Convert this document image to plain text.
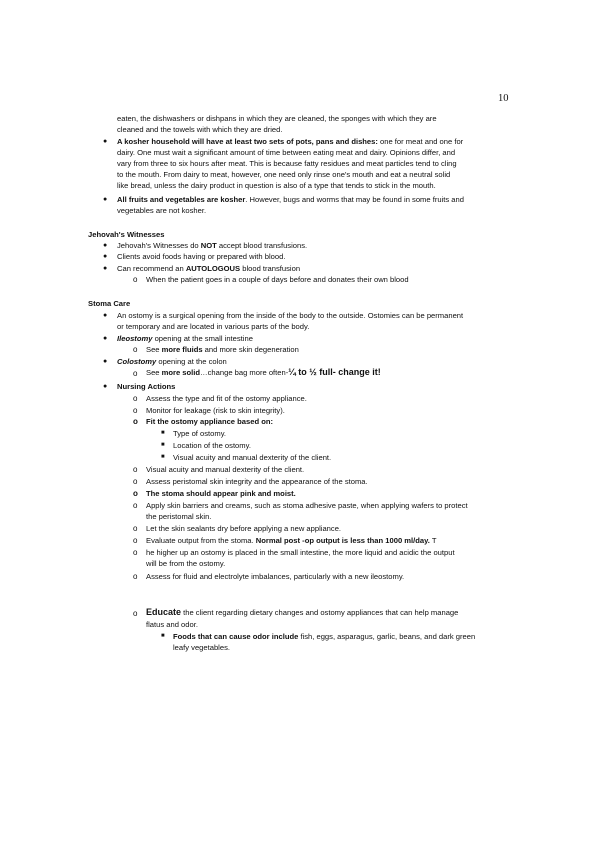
10
eaten, the dishwashers or dishpans in which they are cleaned, the sponges with which they are
cleaned and the towels with which they are dried.
● A kosher household will have at least two sets of pots, pans and dishes: one for meat and one for
dairy. One must wait a significant amount of time between eating meat and dairy. Opinions differ, and
vary from three to six hours after meat. This is because fatty residues and meat particles tend to cling
to the mouth. From dairy to meat, however, one need only rinse one's mouth and eat a neutral solid
like bread, unless the dairy product in question is also of a type that tends to stick in the mouth.
● All fruits and vegetables are kosher. However, bugs and worms that may be found in some fruits and
vegetables are not kosher.
Jehovah's Witnesses
● Jehovah's Witnesses do NOT accept blood transfusions.
● Clients avoid foods having or prepared with blood.
● Can recommend an AUTOLOGOUS blood transfusion
o When the patient goes in a couple of days before and donates their own blood
Stoma Care
● An ostomy is a surgical opening from the inside of the body to the outside. Ostomies can be permanent
or temporary and are located in various parts of the body.
● Ileostomy opening at the small intestine
o See more fluids and more skin degeneration
● Colostomy opening at the colon
o See more solid…change bag more often-¼ to ½ full- change it!
● Nursing Actions
o Assess the type and fit of the ostomy appliance.
o Monitor for leakage (risk to skin integrity).
o Fit the ostomy appliance based on:
■ Type of ostomy.
■ Location of the ostomy.
■ Visual acuity and manual dexterity of the client.
o Visual acuity and manual dexterity of the client.
o Assess peristomal skin integrity and the appearance of the stoma.
o The stoma should appear pink and moist.
o Apply skin barriers and creams, such as stoma adhesive paste, when applying wafers to protect
the peristomal skin.
o Let the skin sealants dry before applying a new appliance.
o Evaluate output from the stoma. Normal post -op output is less than 1000 ml/day. T
o he higher up an ostomy is placed in the small intestine, the more liquid and acidic the output
will be from the ostomy.
o Assess for fluid and electrolyte imbalances, particularly with a new ileostomy.
o Educate the client regarding dietary changes and ostomy appliances that can help manage
flatus and odor.
■ Foods that can cause odor include fish, eggs, asparagus, garlic, beans, and dark green
leafy vegetables.
